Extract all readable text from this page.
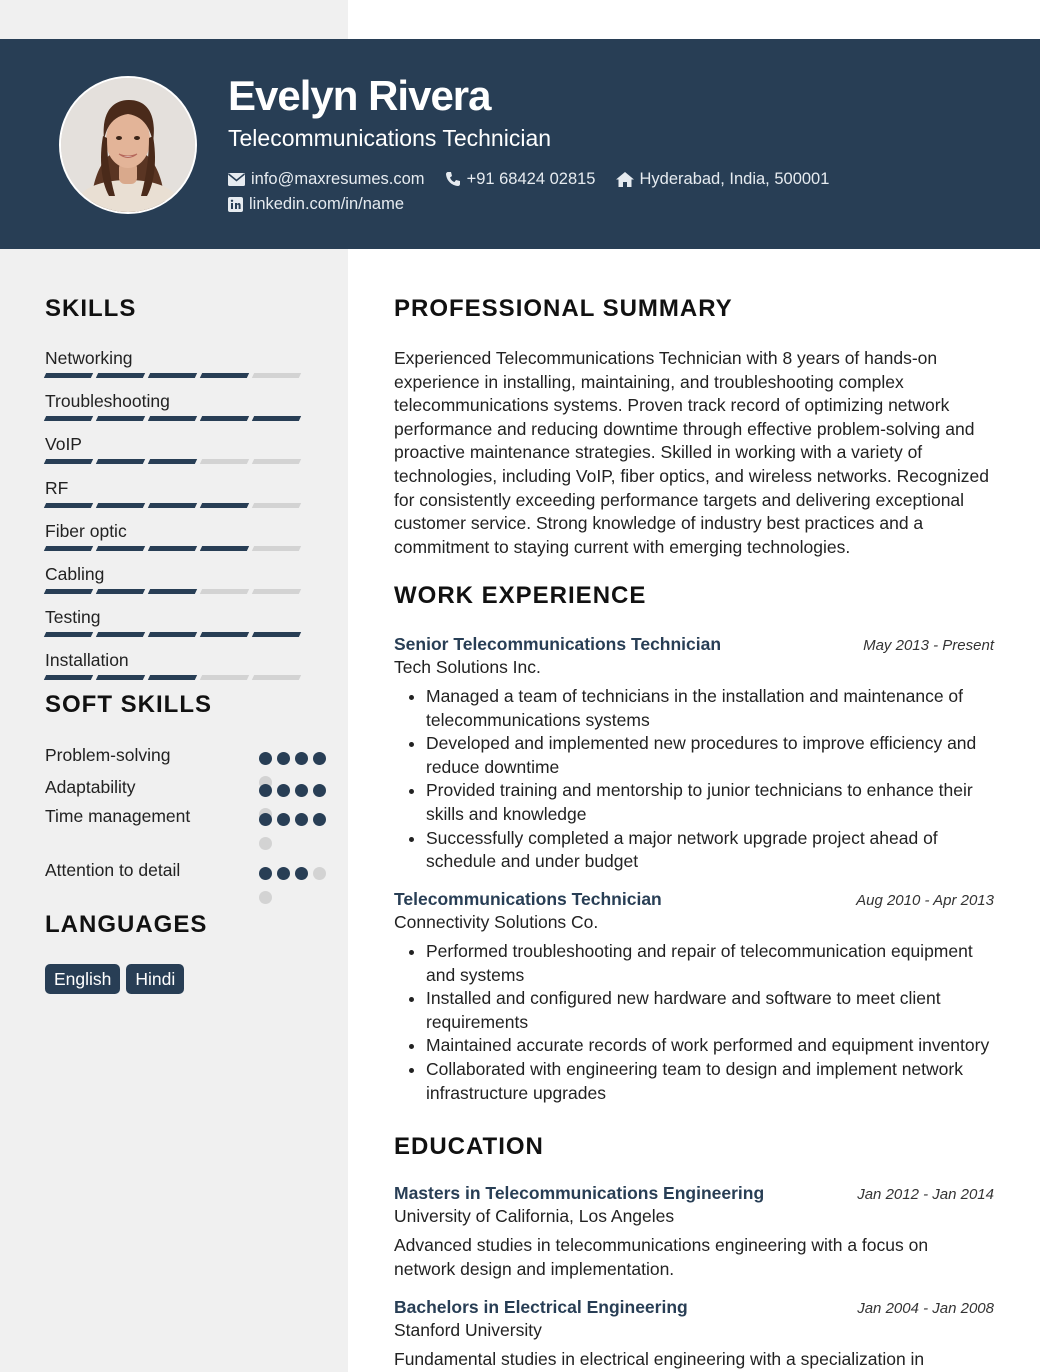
Evelyn Rivera
Telecommunications Technician
info@maxresumes.com	+91 68424 02815	Hyderabad, India, 500001
linkedin.com/in/name
SKILLS
Networking
Troubleshooting
VoIP
RF
Fiber optic
Cabling
Testing
Installation
SOFT SKILLS
Problem-solving
Adaptability
Time management
Attention to detail
LANGUAGES
English	Hindi
PROFESSIONAL SUMMARY

Experienced Telecommunications Technician with 8 years of hands-on experience in installing, maintaining, and troubleshooting complex telecommunications systems. Proven track record of optimizing network performance and reducing downtime through effective problem-solving and proactive maintenance strategies. Skilled in working with a variety of technologies, including VoIP, fiber optics, and wireless networks. Recognized for consistently exceeding performance targets and delivering exceptional customer service. Strong knowledge of industry best practices and a commitment to staying current with emerging technologies.

WORK EXPERIENCE
Senior Telecommunications Technician	May 2013 - Present
Tech Solutions Inc.
• Managed a team of technicians in the installation and maintenance of telecommunications systems
• Developed and implemented new procedures to improve efficiency and reduce downtime
• Provided training and mentorship to junior technicians to enhance their skills and knowledge
• Successfully completed a major network upgrade project ahead of schedule and under budget
Telecommunications Technician	Aug 2010 - Apr 2013
Connectivity Solutions Co.
• Performed troubleshooting and repair of telecommunication equipment and systems
• Installed and configured new hardware and software to meet client requirements
• Maintained accurate records of work performed and equipment inventory
• Collaborated with engineering team to design and implement network infrastructure upgrades
EDUCATION
Masters in Telecommunications Engineering	Jan 2012 - Jan 2014
University of California, Los Angeles
Advanced studies in telecommunications engineering with a focus on network design and implementation.
Bachelors in Electrical Engineering	Jan 2004 - Jan 2008
Stanford University
Fundamental studies in electrical engineering with a specialization in
